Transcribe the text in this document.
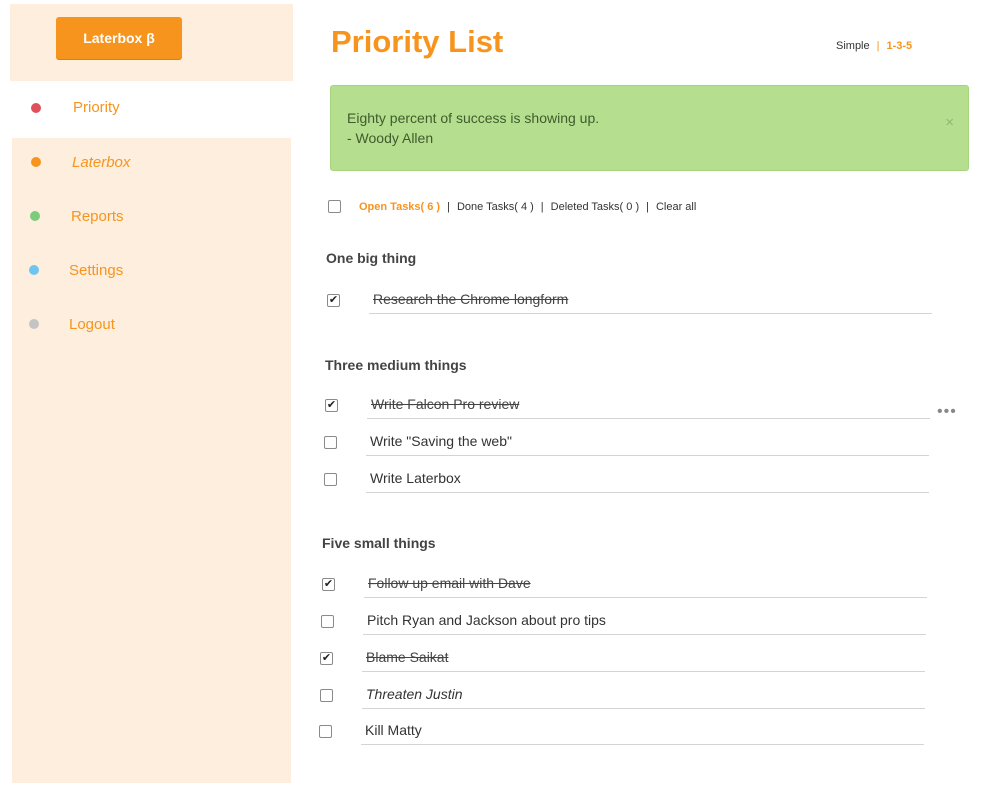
Laterbox β
Priority
Laterbox
Reports
Settings
Logout
Priority List	Simple | 1-3-5
Eighty percent of success is showing up.
- Woody Allen
×
Open Tasks( 6 ) | Done Tasks( 4 ) | Deleted Tasks( 0 ) | Clear all
One big thing
✔ Research the Chrome longform
Three medium things
✔ Write Falcon Pro review
Write "Saving the web"
Write Laterbox
•••
Five small things
✔ Follow up email with Dave
Pitch Ryan and Jackson about pro tips
✔ Blame Saikat
Threaten Justin
Kill Matty
